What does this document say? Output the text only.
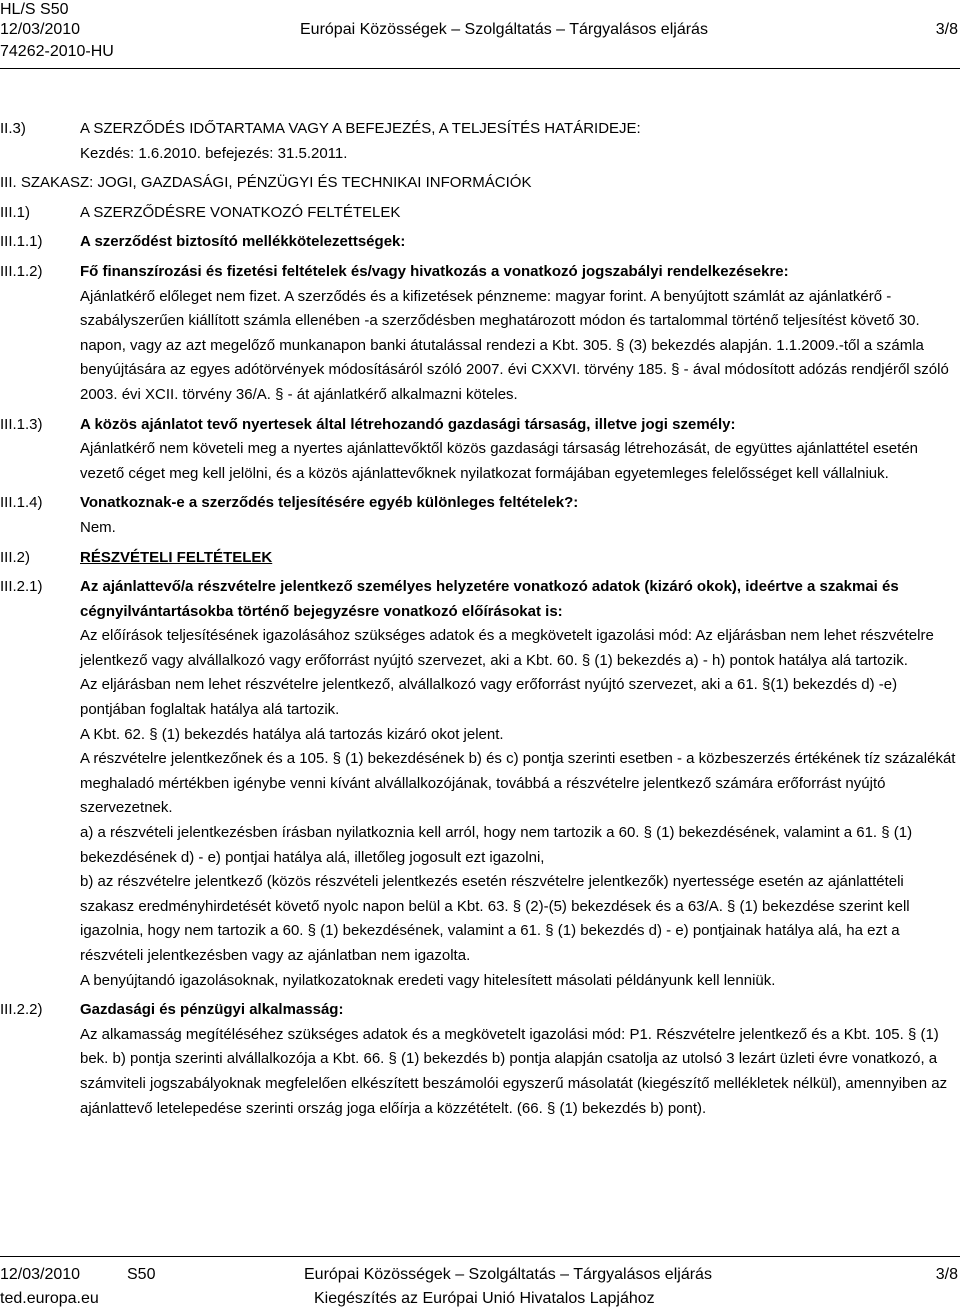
HL/S S50
12/03/2010
74262-2010-HU
Európai Közösségek – Szolgáltatás – Tárgyalásos eljárás	3/8
II.3)	A SZERZŐDÉS IDŐTARTAMA VAGY A BEFEJEZÉS, A TELJESÍTÉS HATÁRIDEJE:

Kezdés: 1.6.2010. befejezés: 31.5.2011.

III. SZAKASZ: JOGI, GAZDASÁGI, PÉNZÜGYI ÉS TECHNIKAI INFORMÁCIÓK
III.1)	A SZERZŐDÉSRE VONATKOZÓ FELTÉTELEK

III.1.1)	A szerződést biztosító mellékkötelezettségek:

III.1.2)	Fő finanszírozási és fizetési feltételek és/vagy hivatkozás a vonatkozó jogszabályi rendelkezésekre:

Ajánlatkérő előleget nem fizet. A szerződés és a kifizetések pénzneme: magyar forint. A benyújtott számlát az ajánlatkérő - szabályszerűen kiállított számla ellenében -a szerződésben meghatározott módon és tartalommal történő teljesítést követő 30. napon, vagy az azt megelőző munkanapon banki átutalással rendezi a Kbt. 305. § (3) bekezdés alapján. 1.1.2009.-től a számla benyújtására az egyes adótörvények módosításáról szóló 2007. évi CXXVI. törvény 185. § - ával módosított adózás rendjéről szóló 2003. évi XCII. törvény 36/A. § - át ajánlatkérő alkalmazni köteles.

III.1.3)	A közös ajánlatot tevő nyertesek által létrehozandó gazdasági társaság, illetve jogi személy:

Ajánlatkérő nem követeli meg a nyertes ajánlattevőktől közös gazdasági társaság létrehozását, de együttes ajánlattétel esetén vezető céget meg kell jelölni, és a közös ajánlattevőknek nyilatkozat formájában egyetemleges felelősséget kell vállalniuk.

III.1.4)	Vonatkoznak-e a szerződés teljesítésére egyéb különleges feltételek?:

Nem.

III.2)	RÉSZVÉTELI FELTÉTELEK

III.2.1)	Az ajánlattevő/a részvételre jelentkező személyes helyzetére vonatkozó adatok (kizáró okok), ideértve a szakmai és cégnyilvántartásokba történő bejegyzésre vonatkozó előírásokat is:

Az előírások teljesítésének igazolásához szükséges adatok és a megkövetelt igazolási mód: Az eljárásban nem lehet részvételre jelentkező vagy alvállalkozó vagy erőforrást nyújtó szervezet, aki a Kbt. 60. § (1) bekezdés a) - h) pontok hatálya alá tartozik.

Az eljárásban nem lehet részvételre jelentkező, alvállalkozó vagy erőforrást nyújtó szervezet, aki a 61. §(1) bekezdés d) -e) pontjában foglaltak hatálya alá tartozik.

A Kbt. 62. § (1) bekezdés hatálya alá tartozás kizáró okot jelent.

A részvételre jelentkezőnek és a 105. § (1) bekezdésének b) és c) pontja szerinti esetben - a közbeszerzés értékének tíz százalékát meghaladó mértékben igénybe venni kívánt alvállalkozójának, továbbá a részvételre jelentkező számára erőforrást nyújtó szervezetnek.

a) a részvételi jelentkezésben írásban nyilatkoznia kell arról, hogy nem tartozik a 60. § (1) bekezdésének, valamint a 61. § (1) bekezdésének d) - e) pontjai hatálya alá, illetőleg jogosult ezt igazolni,

b) az részvételre jelentkező (közös részvételi jelentkezés esetén részvételre jelentkezők) nyertessége esetén az ajánlattételi szakasz eredményhirdetését követő nyolc napon belül a Kbt. 63. § (2)-(5) bekezdések és a 63/A. § (1) bekezdése szerint kell igazolnia, hogy nem tartozik a 60. § (1) bekezdésének, valamint a 61. § (1) bekezdés d) - e) pontjainak hatálya alá, ha ezt a részvételi jelentkezésben vagy az ajánlatban nem igazolta.

A benyújtandó igazolásoknak, nyilatkozatoknak eredeti vagy hitelesített másolati példányunk kell lenniük.

III.2.2)	Gazdasági és pénzügyi alkalmasság:

Az alkamasság megítéléséhez szükséges adatok és a megkövetelt igazolási mód: P1. Részvételre jelentkező és a Kbt. 105. § (1) bek. b) pontja szerinti alvállalkozója a Kbt. 66. § (1) bekezdés b) pontja alapján csatolja az utolsó 3 lezárt üzleti évre vonatkozó, a számviteli jogszabályoknak megfelelően elkészített beszámolói egyszerű másolatát (kiegészítő mellékletek nélkül), amennyiben az ajánlattevő letelepedése szerinti ország joga előírja a közzétételt. (66. § (1) bekezdés b) pont).

12/03/2010	S50
ted.europa.eu
Európai Közösségek – Szolgáltatás – Tárgyalásos eljárás
Kiegészítés az Európai Unió Hivatalos Lapjához
3/8
